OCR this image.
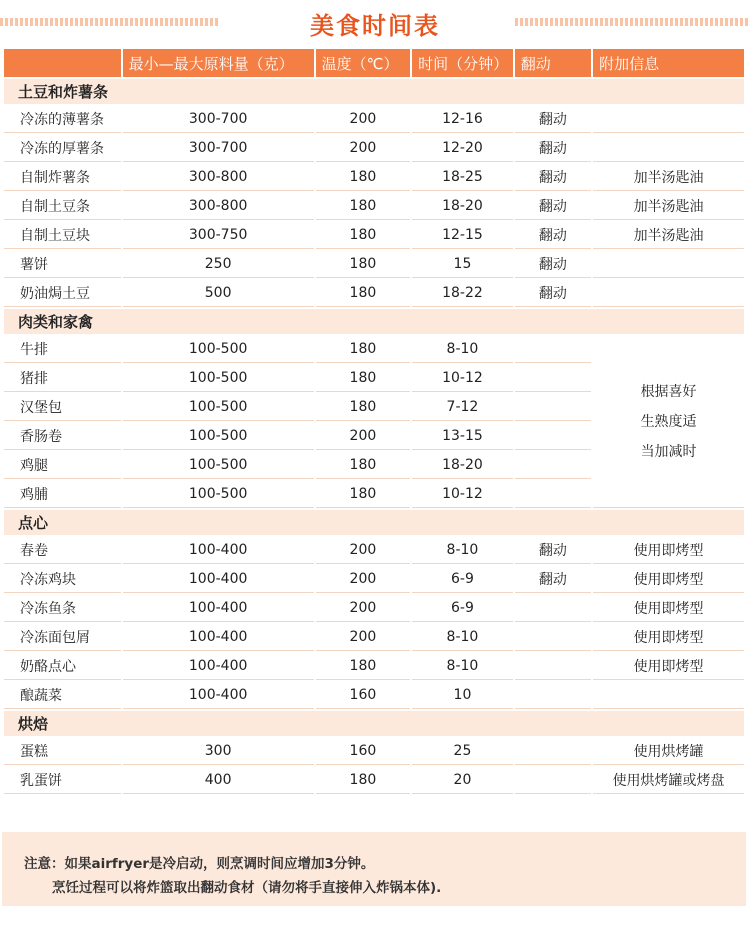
美食时间表
	最小—最大原料量（克）	温度（℃）	时间（分钟）	翻动	附加信息
土豆和炸薯条					
冷冻的薄薯条	300-700	200	12-16	翻动	
冷冻的厚薯条	300-700	200	12-20	翻动	
自制炸薯条	300-800	180	18-25	翻动	加半汤匙油
自制土豆条	300-800	180	18-20	翻动	加半汤匙油
自制土豆块	300-750	180	12-15	翻动	加半汤匙油
薯饼	250	180	15	翻动	
奶油焗土豆	500	180	18-22	翻动	
肉类和家禽					
牛排	100-500	180	8-10		根据喜好
生熟度适
当加减时

猪排	100-500	180	10-12		
汉堡包	100-500	180	7-12		
香肠卷	100-500	200	13-15		
鸡腿	100-500	180	18-20		
鸡脯	100-500	180	10-12		
点心					
春卷	100-400	200	8-10	翻动	使用即烤型
冷冻鸡块	100-400	200	6-9	翻动	使用即烤型
冷冻鱼条	100-400	200	6-9		使用即烤型
冷冻面包屑	100-400	200	8-10		使用即烤型
奶酪点心	100-400	180	8-10		使用即烤型
酿蔬菜	100-400	160	10		
烘焙					
蛋糕	300	160	25		使用烘烤罐
乳蛋饼	400	180	20		使用烘烤罐或烤盘
注意：如果airfryer是冷启动，则烹调时间应增加3分钟。
烹饪过程可以将炸篮取出翻动食材（请勿将手直接伸入炸锅本体).
